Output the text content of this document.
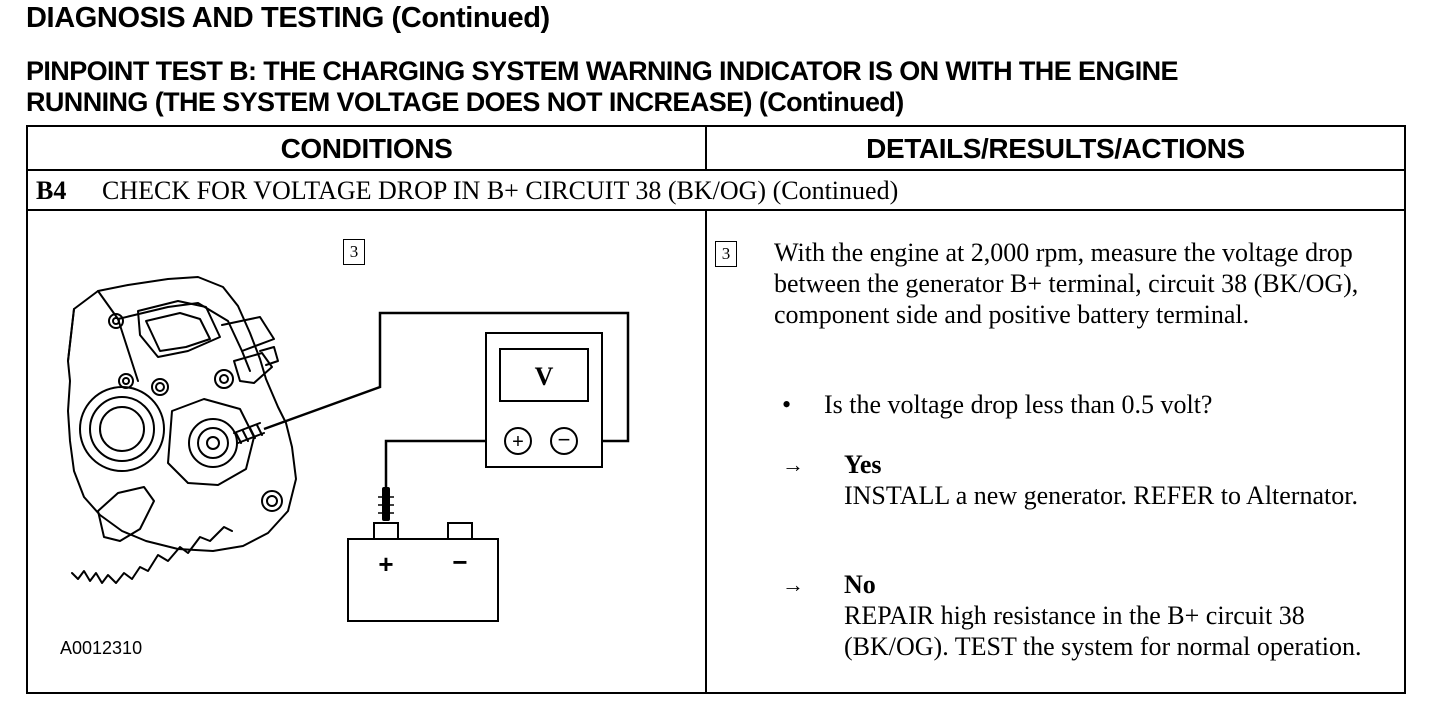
DIAGNOSIS AND TESTING (Continued)
PINPOINT TEST B: THE CHARGING SYSTEM WARNING INDICATOR IS ON WITH THE ENGINE
RUNNING (THE SYSTEM VOLTAGE DOES NOT INCREASE) (Continued)
CONDITIONS	DETAILS/RESULTS/ACTIONS
B4 CHECK FOR VOLTAGE DROP IN B+ CIRCUIT 38 (BK/OG) (Continued)
V
+ −
+ −
3
A0012310
3 With the engine at 2,000 rpm, measure the voltage drop between the generator B+ terminal, circuit 38 (BK/OG), component side and positive battery terminal.
• Is the voltage drop less than 0.5 volt?
→ Yes
INSTALL a new generator. REFER to Alternator.
→ No
REPAIR high resistance in the B+ circuit 38 (BK/OG). TEST the system for normal operation.
